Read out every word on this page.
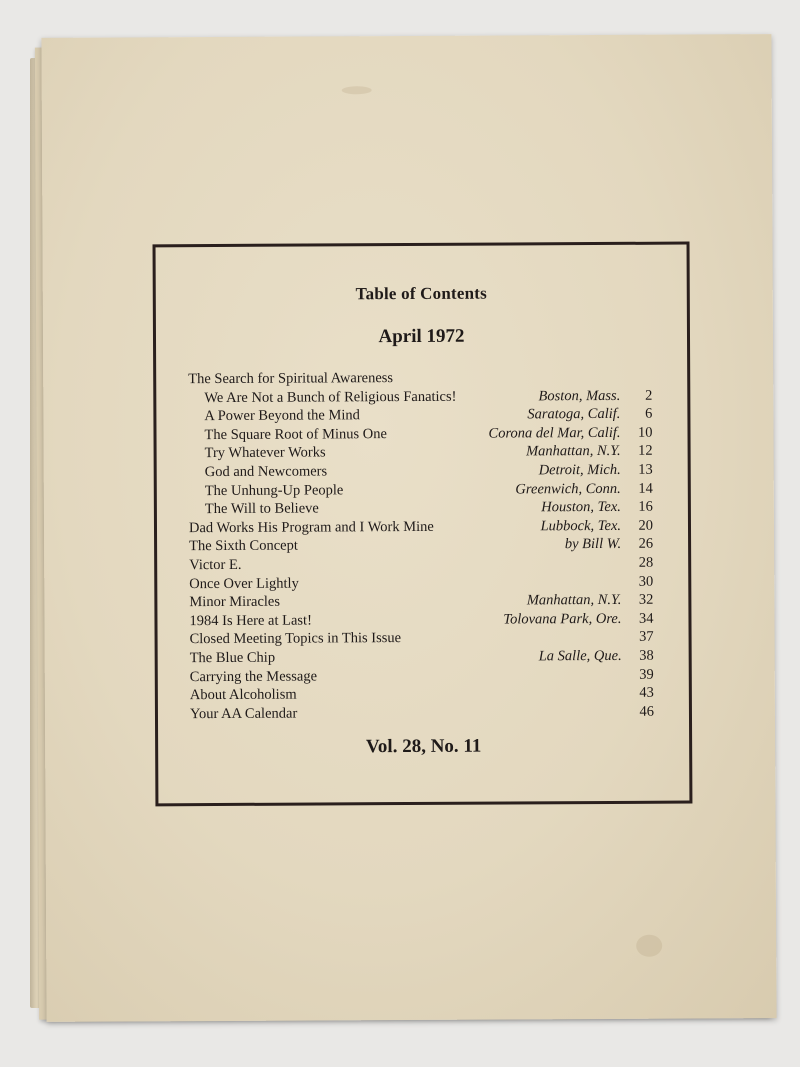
Table of Contents
April 1972
The Search for Spiritual Awareness
We Are Not a Bunch of Religious Fanatics!	Boston, Mass. 2
A Power Beyond the Mind	Saratoga, Calif. 6
The Square Root of Minus One	Corona del Mar, Calif. 10
Try Whatever Works	Manhattan, N.Y. 12
God and Newcomers	Detroit, Mich. 13
The Unhung-Up People	Greenwich, Conn. 14
The Will to Believe	Houston, Tex. 16
Dad Works His Program and I Work Mine	Lubbock, Tex. 20
The Sixth Concept	by Bill W. 26
Victor E.	28
Once Over Lightly	30
Minor Miracles	Manhattan, N.Y. 32
1984 Is Here at Last!	Tolovana Park, Ore. 34
Closed Meeting Topics in This Issue	37
The Blue Chip	La Salle, Que. 38
Carrying the Message	39
About Alcoholism	43
Your AA Calendar	46
Vol. 28, No. 11
